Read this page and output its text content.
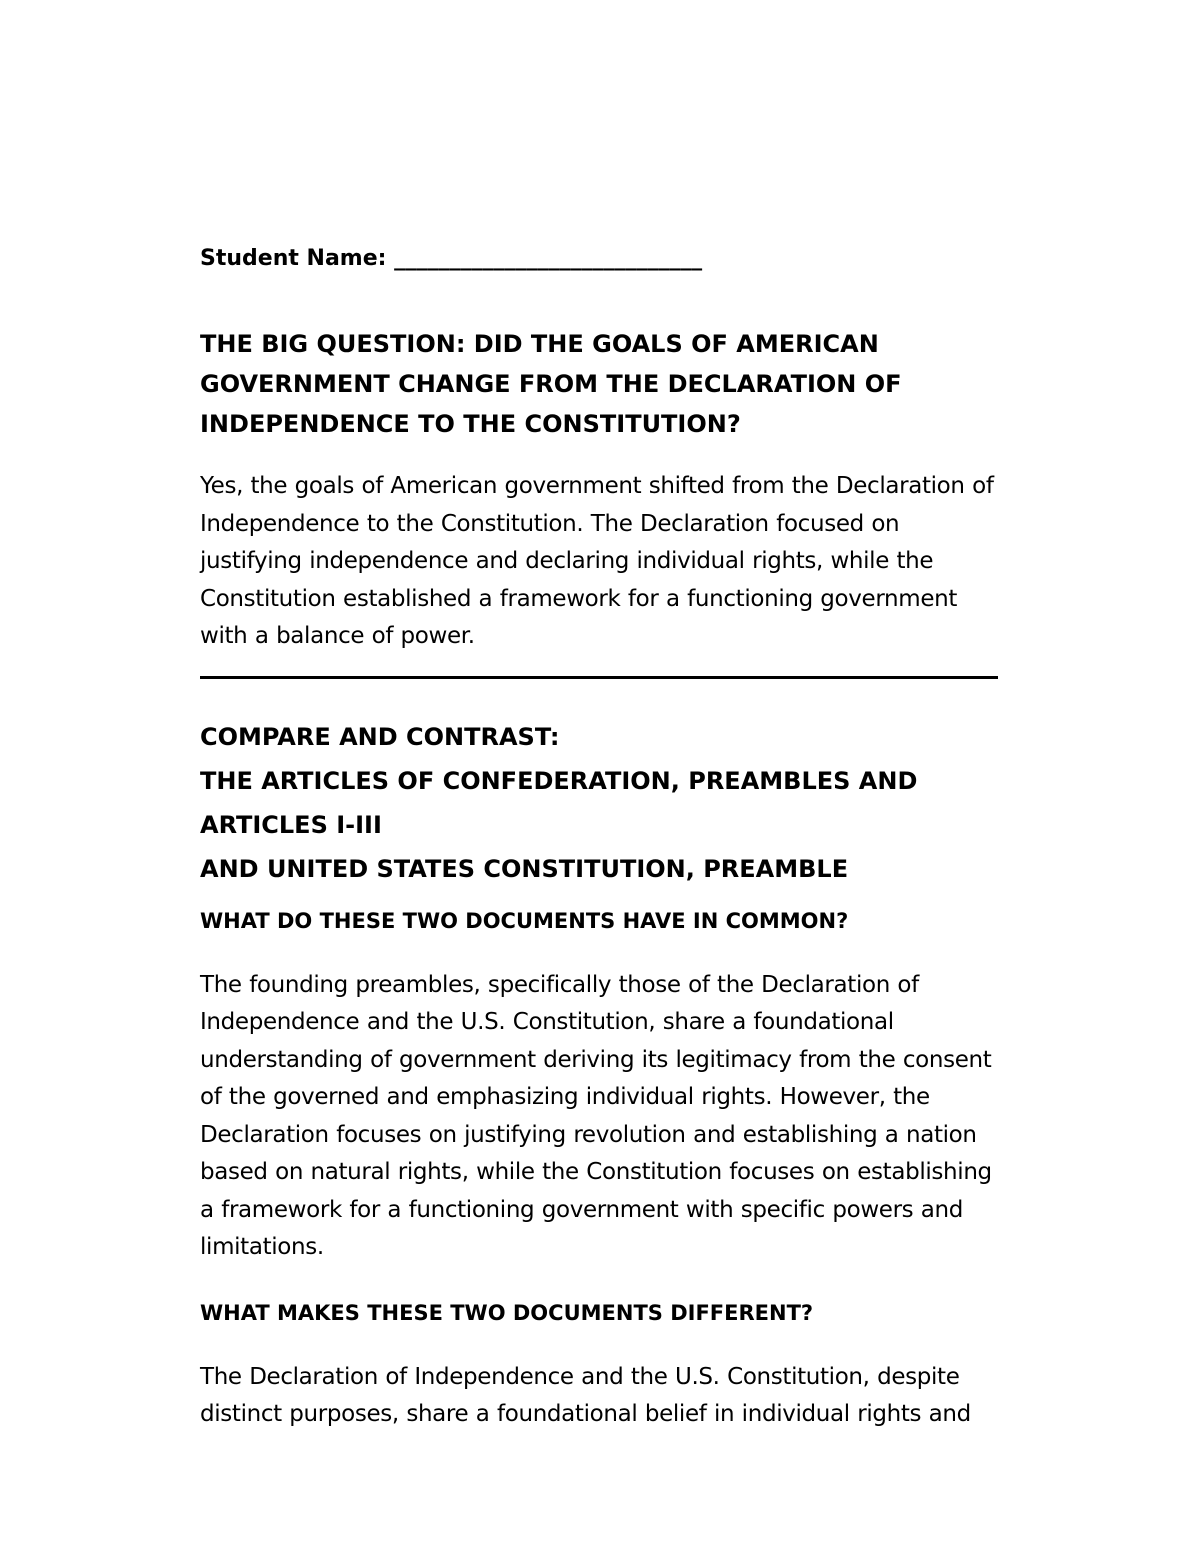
Student Name: ____________________________
THE BIG QUESTION: DID THE GOALS OF AMERICAN GOVERNMENT CHANGE FROM THE DECLARATION OF INDEPENDENCE TO THE CONSTITUTION?

Yes, the goals of American government shifted from the Declaration of Independence to the Constitution. The Declaration focused on justifying independence and declaring individual rights, while the Constitution established a framework for a functioning government with a balance of power.

COMPARE AND CONTRAST:
THE ARTICLES OF CONFEDERATION, PREAMBLES AND ARTICLES I-III
AND UNITED STATES CONSTITUTION, PREAMBLE
WHAT DO THESE TWO DOCUMENTS HAVE IN COMMON?

The founding preambles, specifically those of the Declaration of Independence and the U.S. Constitution, share a foundational understanding of government deriving its legitimacy from the consent of the governed and emphasizing individual rights. However, the Declaration focuses on justifying revolution and establishing a nation based on natural rights, while the Constitution focuses on establishing a framework for a functioning government with specific powers and limitations.

WHAT MAKES THESE TWO DOCUMENTS DIFFERENT?

The Declaration of Independence and the U.S. Constitution, despite distinct purposes, share a foundational belief in individual rights and
